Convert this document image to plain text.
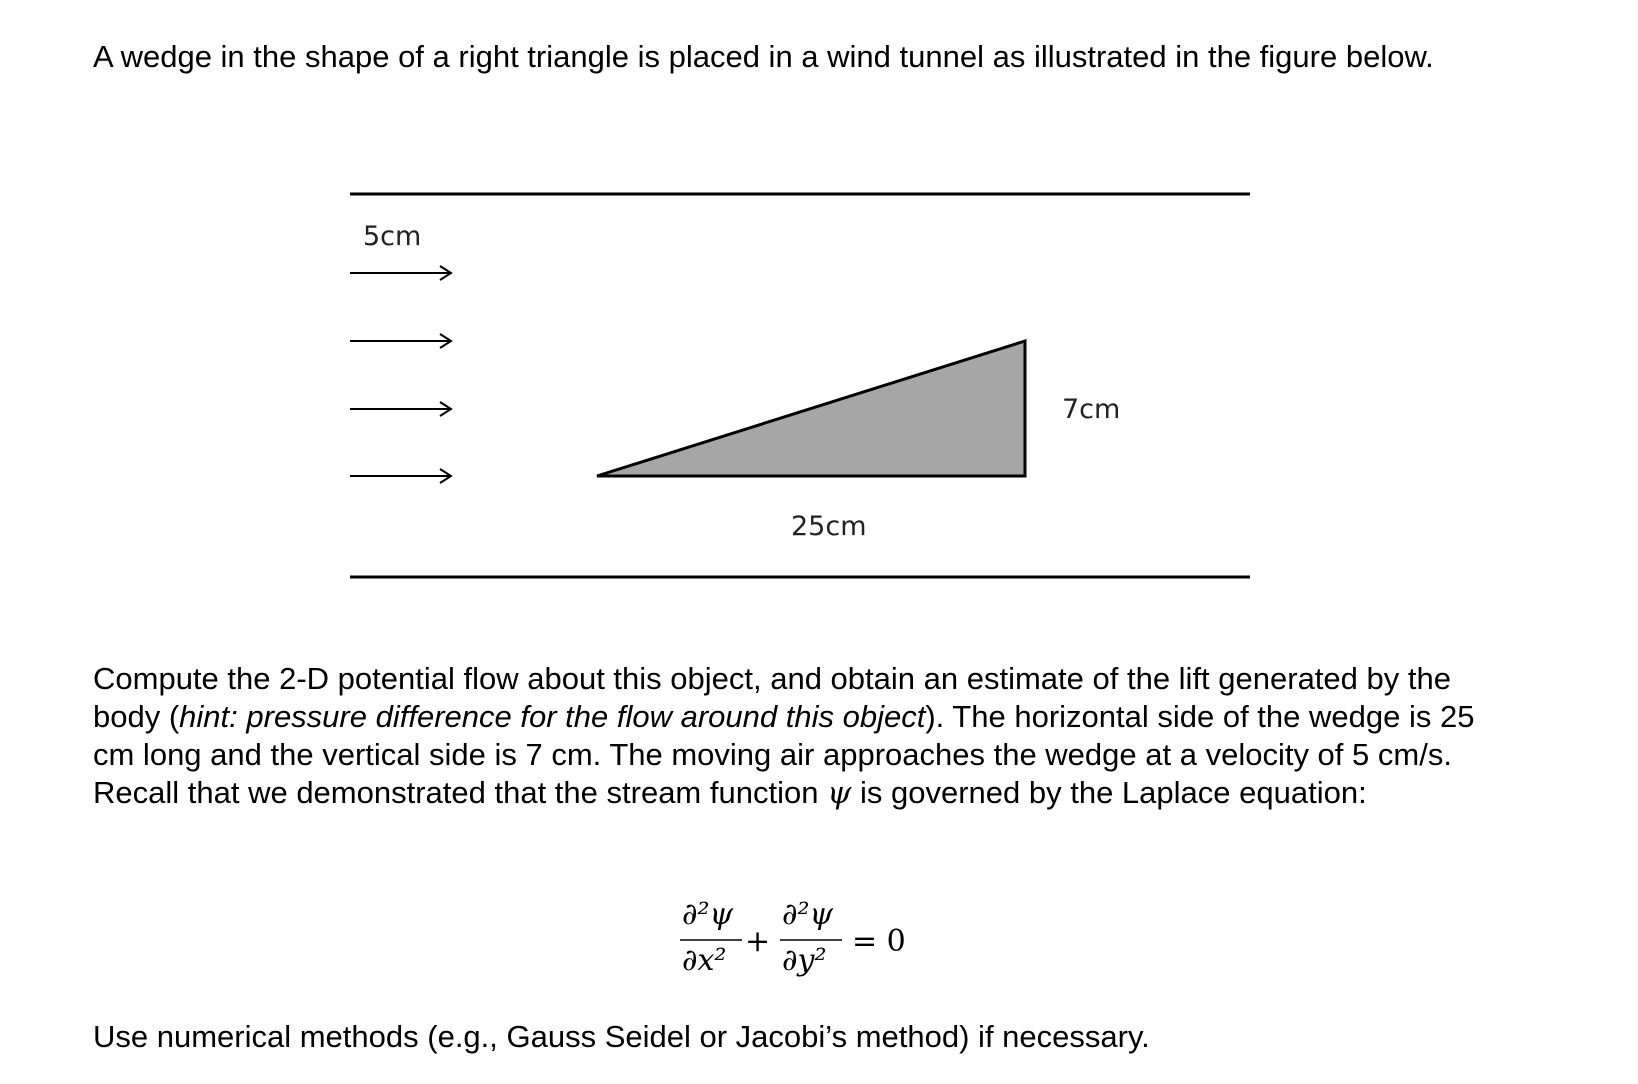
A wedge in the shape of a right triangle is placed in a wind tunnel as illustrated in the figure below.

5cm
7cm
25cm
∂²ψ
∂x²
+
∂²ψ
∂y²
= 0

Compute the 2-D potential flow about this object, and obtain an estimate of the lift generated by the body (hint: pressure difference for the flow around this object). The horizontal side of the wedge is 25 cm long and the vertical side is 7 cm. The moving air approaches the wedge at a velocity of 5 cm/s. Recall that we demonstrated that the stream function ψ is governed by the Laplace equation:

Use numerical methods (e.g., Gauss Seidel or Jacobi’s method) if necessary.
